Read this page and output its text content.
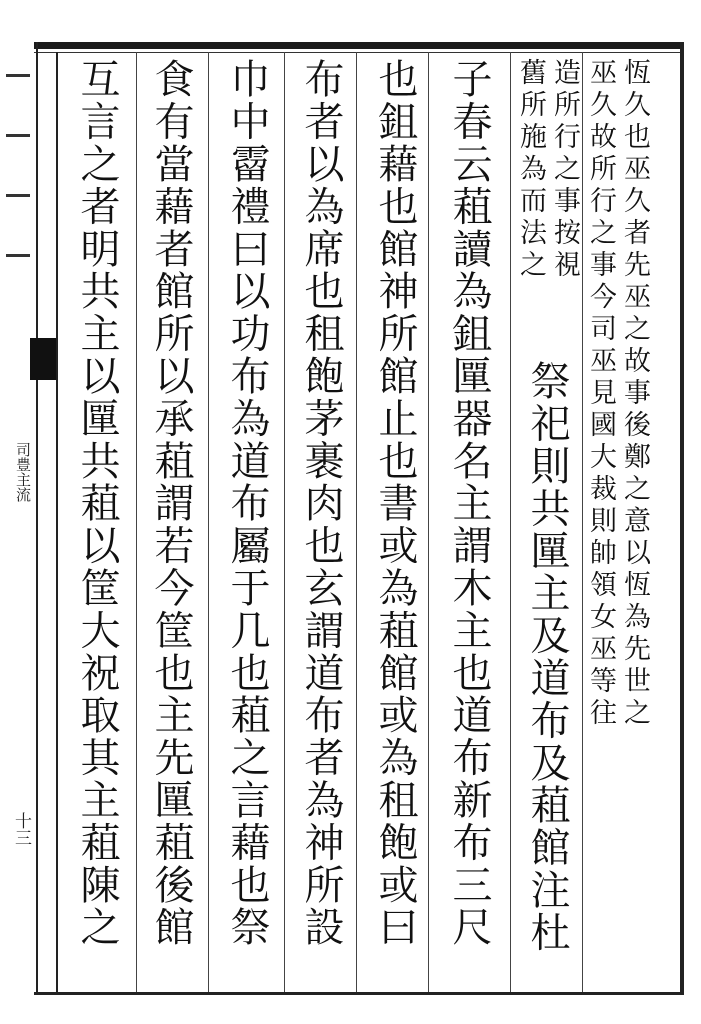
司豊主流
十三
恆久也巫久者先巫之故事後鄭之意以恆為先世之
巫久故所行之事今司巫見國大裁則帥領女巫等往
造所行之事按視
舊所施為而法之
祭祀則共匰主及道布及蒩館注杜
子春云蒩讀為鉏匰器名主謂木主也道布新布三尺
也鉏藉也館神所館止也書或為蒩館或為租飽或曰
布者以為席也租飽茅裹肉也玄謂道布者為神所設
巾中霤禮曰以功布為道布屬于几也蒩之言藉也祭
食有當藉者館所以承蒩謂若今筐也主先匰蒩後館
互言之者明共主以匰共蒩以筐大祝取其主蒩陳之
